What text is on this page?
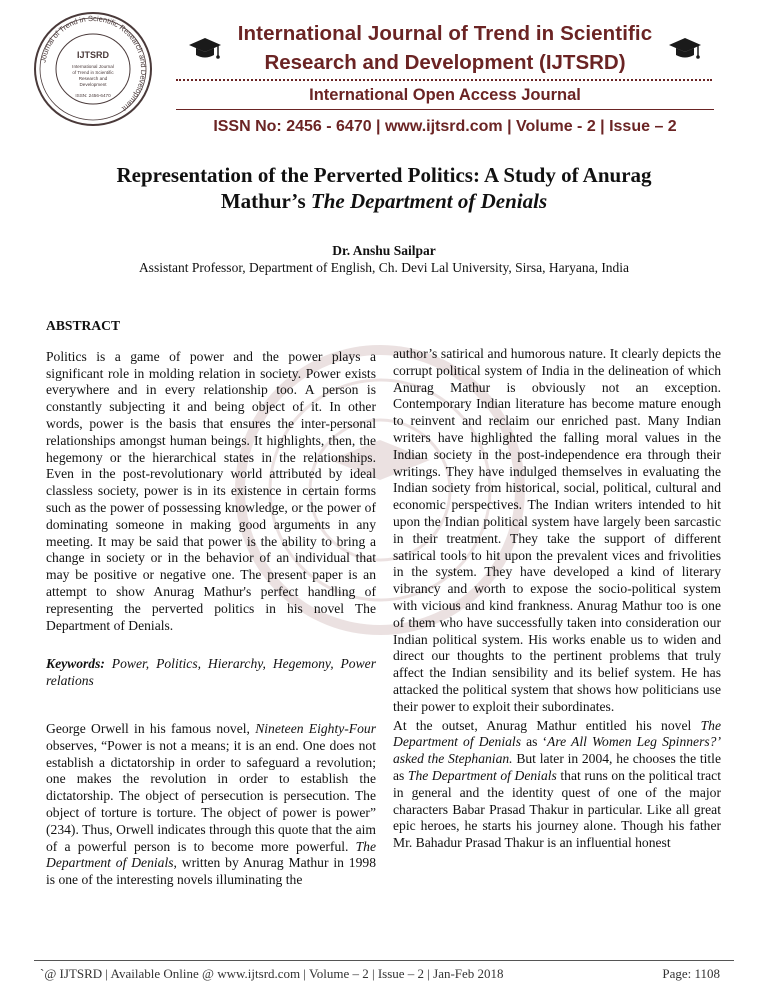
Journal of Trend in Scientific Research and Development
IJTSRD
International Journal
of Trend in Scientific
Research and
Development
ISSN: 2456-6470
International Journal of Trend in Scientific
Research and Development (IJTSRD)
International Open Access Journal
ISSN No: 2456 - 6470 | www.ijtsrd.com | Volume - 2 | Issue – 2
Representation of the Perverted Politics: A Study of Anurag
Mathur’s The Department of Denials
Dr. Anshu Sailpar
Assistant Professor, Department of English, Ch. Devi Lal University, Sirsa, Haryana, India

ABSTRACT

Politics is a game of power and the power plays a significant role in molding relation in society. Power exists everywhere and in every relationship too. A person is constantly subjecting it and being object of it. In other words, power is the basis that ensures the inter-personal relationships amongst human beings. It highlights, then, the hegemony or the hierarchical states in the relationships. Even in the post-revolutionary world attributed by ideal classless society, power is in its existence in certain forms such as the power of possessing knowledge, or the power of dominating someone in making good arguments in any meeting. It may be said that power is the ability to bring a change in society or in the behavior of an individual that may be positive or negative one. The present paper is an attempt to show Anurag Mathur's perfect handling of representing the perverted politics in his novel The Department of Denials.

Keywords: Power, Politics, Hierarchy, Hegemony, Power relations

George Orwell in his famous novel, Nineteen Eighty-Four observes, “Power is not a means; it is an end. One does not establish a dictatorship in order to safeguard a revolution; one makes the revolution in order to establish the dictatorship. The object of persecution is persecution. The object of torture is torture. The object of power is power” (234). Thus, Orwell indicates through this quote that the aim of a powerful person is to become more powerful. The Department of Denials, written by Anurag Mathur in 1998 is one of the interesting novels illuminating the

author’s satirical and humorous nature. It clearly depicts the corrupt political system of India in the delineation of which Anurag Mathur is obviously not an exception. Contemporary Indian literature has become mature enough to reinvent and reclaim our enriched past. Many Indian writers have highlighted the falling moral values in the Indian society in the post-independence era through their writings. They have indulged themselves in evaluating the Indian society from historical, social, political, cultural and economic perspectives. The Indian writers intended to hit upon the Indian political system have largely been sarcastic in their treatment. They take the support of different satirical tools to hit upon the prevalent vices and frivolities in the system. They have developed a kind of literary vibrancy and worth to expose the socio-political system with vicious and kind frankness. Anurag Mathur too is one of them who have successfully taken into consideration our Indian political system. His works enable us to widen and direct our thoughts to the pertinent problems that truly affect the Indian sensibility and its belief system. He has attacked the political system that shows how politicians use their power to exploit their subordinates.

At the outset, Anurag Mathur entitled his novel The Department of Denials as ‘Are All Women Leg Spinners?’ asked the Stephanian. But later in 2004, he chooses the title as The Department of Denials that runs on the political tract in general and the identity quest of one of the major characters Babar Prasad Thakur in particular. Like all great epic heroes, he starts his journey alone. Though his father Mr. Bahadur Prasad Thakur is an influential honest

`@ IJTSRD | Available Online @ www.ijtsrd.com | Volume – 2 | Issue – 2 | Jan-Feb 2018	Page: 1108
